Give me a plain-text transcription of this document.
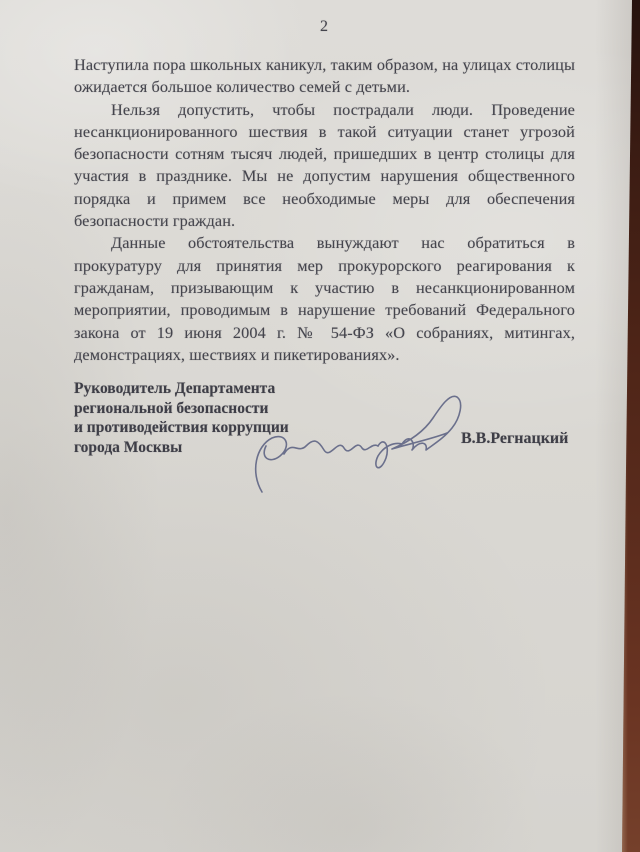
2

Наступила пора школьных каникул, таким образом, на улицах столицы ожидается большое количество семей с детьми.

Нельзя допустить, чтобы пострадали люди. Проведение несанкционированного шествия в такой ситуации станет угрозой безопасности сотням тысяч людей, пришедших в центр столицы для участия в празднике. Мы не допустим нарушения общественного порядка и примем все необходимые меры для обеспечения безопасности граждан.

Данные обстоятельства вынуждают нас обратиться в прокуратуру для принятия мер прокурорского реагирования к гражданам, призывающим к участию в несанкционированном мероприятии, проводимым в нарушение требований Федерального закона от 19 июня 2004 г. № 54-ФЗ «О собраниях, митингах, демонстрациях, шествиях и пикетированиях».

Руководитель Департамента
региональной безопасности
и противодействия коррупции
города Москвы
В.В.Регнацкий
